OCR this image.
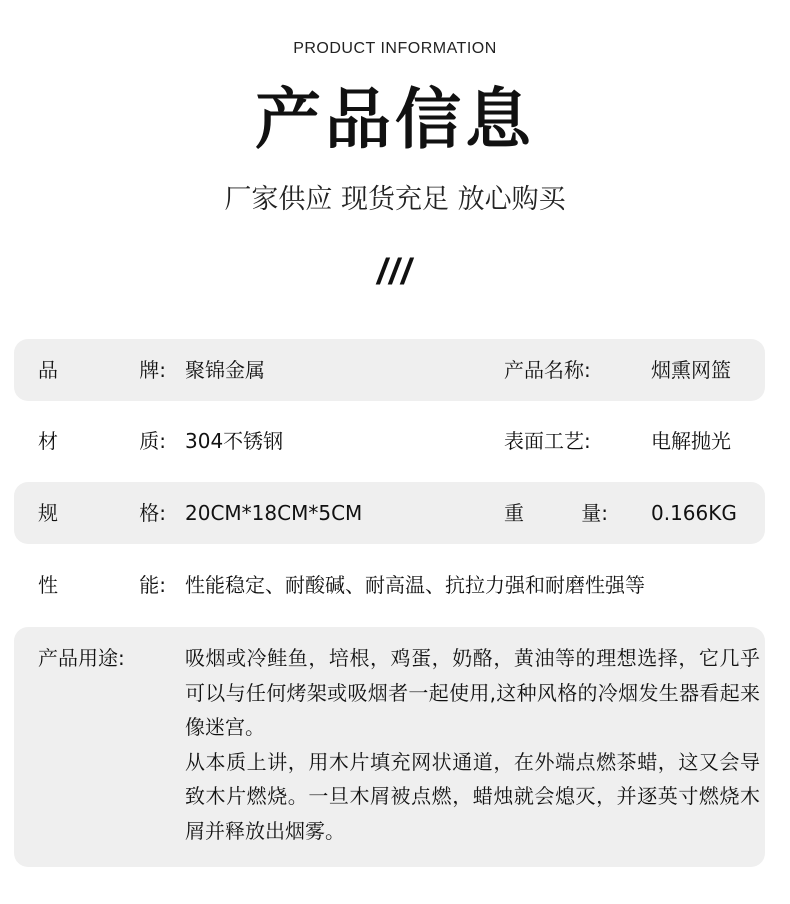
PRODUCT INFORMATION
产品信息
厂家供应 现货充足 放心购买
///
品	牌: 聚锦金属	产品名称:	烟熏网篮
材	质: 304不锈钢	表面工艺:	电解抛光
规	格: 20CM*18CM*5CM	重	量: 0.166KG
性	能: 性能稳定、耐酸碱、耐高温、抗拉力强和耐磨性强等
产品用途:	吸烟或冷鲑鱼，培根，鸡蛋，奶酪，黄油等的理想选择，它几乎可以与任何烤架或吸烟者一起使用,这种风格的冷烟发生器看起来像迷宫。

从本质上讲，用木片填充网状通道，在外端点燃茶蜡，这又会导致木片燃烧。一旦木屑被点燃，蜡烛就会熄灭，并逐英寸燃烧木屑并释放出烟雾。
